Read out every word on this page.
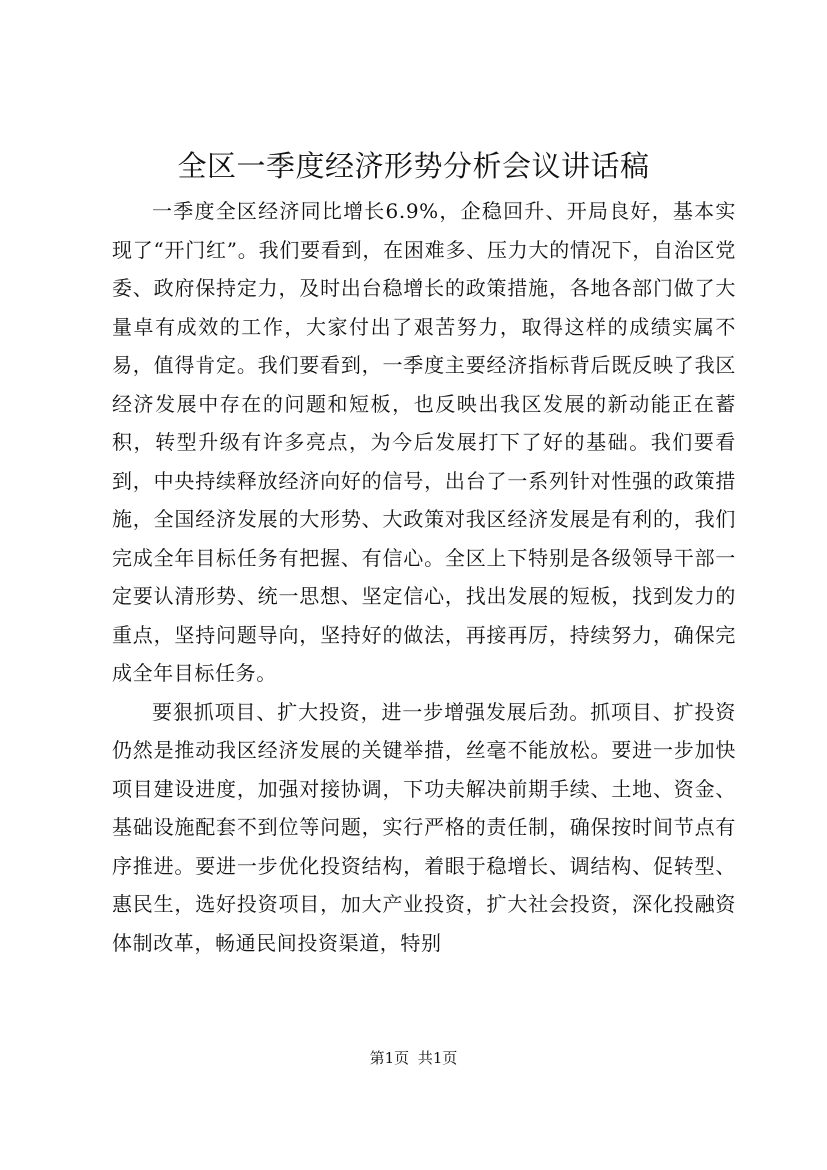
全区一季度经济形势分析会议讲话稿

一季度全区经济同比增长6.9%，企稳回升、开局良好，基本实现了“开门红”。我们要看到，在困难多、压力大的情况下，自治区党委、政府保持定力，及时出台稳增长的政策措施，各地各部门做了大量卓有成效的工作，大家付出了艰苦努力，取得这样的成绩实属不易，值得肯定。我们要看到，一季度主要经济指标背后既反映了我区经济发展中存在的问题和短板，也反映出我区发展的新动能正在蓄积，转型升级有许多亮点，为今后发展打下了好的基础。我们要看到，中央持续释放经济向好的信号，出台了一系列针对性强的政策措施，全国经济发展的大形势、大政策对我区经济发展是有利的，我们完成全年目标任务有把握、有信心。全区上下特别是各级领导干部一定要认清形势、统一思想、坚定信心，找出发展的短板，找到发力的重点，坚持问题导向，坚持好的做法，再接再厉，持续努力，确保完成全年目标任务。

要狠抓项目、扩大投资，进一步增强发展后劲。抓项目、扩投资仍然是推动我区经济发展的关键举措，丝毫不能放松。要进一步加快项目建设进度，加强对接协调，下功夫解决前期手续、土地、资金、基础设施配套不到位等问题，实行严格的责任制，确保按时间节点有序推进。要进一步优化投资结构，着眼于稳增长、调结构、促转型、惠民生，选好投资项目，加大产业投资，扩大社会投资，深化投融资体制改革，畅通民间投资渠道，特别

第1页 共1页
